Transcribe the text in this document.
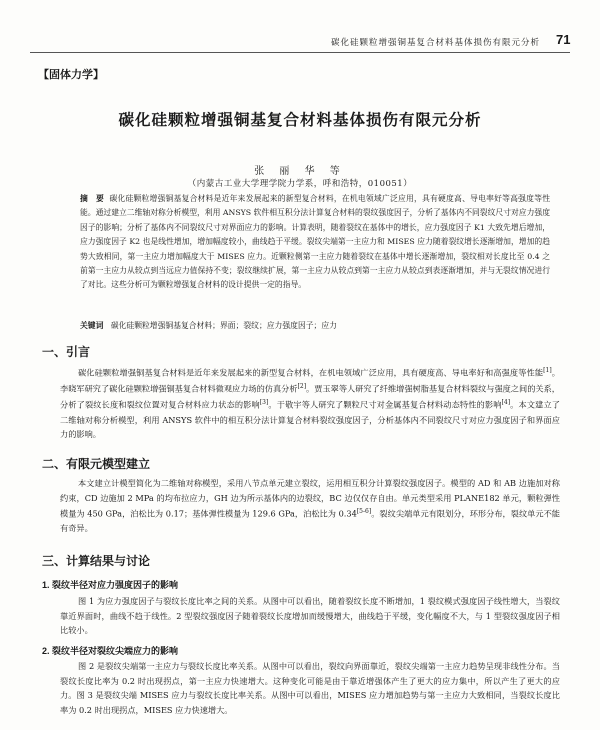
碳化硅颗粒增强铜基复合材料基体损伤有限元分析 71
【固体力学】
碳化硅颗粒增强铜基复合材料基体损伤有限元分析
张 丽 华 等
（内蒙古工业大学理学院力学系，呼和浩特，010051）

摘　要 碳化硅颗粒增强铜基复合材料是近年来发展起来的新型复合材料，在机电领域广泛应用，具有硬度高、导电率好等高强度等性能。通过建立二维轴对称分析模型，利用 ANSYS 软件相互积分法计算复合材料的裂纹强度因子，分析了基体内不同裂纹尺寸对应力强度因子的影响；分析了基体内不同裂纹尺寸对界面应力的影响。计算表明，随着裂纹在基体中的增长，应力强度因子 K1 大致先增后增加，应力强度因子 K2 也是线性增加，增加幅度较小，曲线趋于平缓。裂纹尖端第一主应力和 MISES 应力随着裂纹增长逐渐增加，增加的趋势大致相同，第一主应力增加幅度大于 MISES 应力。近颗粒侧第一主应力随着裂纹在基体中增长逐渐增加，裂纹相对长度比至 0.4 之前第一主应力从较点到当远应力值保持不变；裂纹继续扩展，第一主应力从较点到第一主应力从较点到表逐渐增加，并与无裂纹情况进行了对比。这些分析可为颗粒增强复合材料的设计提供一定的指导。

关键词 碳化硅颗粒增强铜基复合材料；界面；裂纹；应力强度因子；应力

一、引言

碳化硅颗粒增强铜基复合材料是近年来发展起来的新型复合材料，在机电领域广泛应用，具有硬度高、导电率好和高强度等性能[1]。李晓军研究了碳化硅颗粒增强铜基复合材料微观应力场的仿真分析[2]。贾玉翠等人研究了纤维增强树脂基复合材料裂纹与强度之间的关系，分析了裂纹长度和裂纹位置对复合材料应力状态的影响[3]。于敬宇等人研究了颗粒尺寸对金属基复合材料动态特性的影响[4]。本文建立了二维轴对称分析模型，利用 ANSYS 软件中的相互积分法计算复合材料裂纹强度因子，分析基体内不同裂纹尺寸对应力强度因子和界面应力的影响。

二、有限元模型建立

本文建立计模型简化为二维轴对称模型，采用八节点单元建立裂纹，运用相互积分计算裂纹强度因子。模型的 AD 和 AB 边施加对称约束，CD 边施加 2 MPa 的均布拉应力，GH 边为所示基体内的边裂纹，BC 边仅仅存自由。单元类型采用 PLANE182 单元，颗粒弹性模量为 450 GPa，泊松比为 0.17；基体弹性模量为 129.6 GPa，泊松比为 0.34[5-6]。裂纹尖端单元有限划分，环形分布，裂纹单元不能有奇异。

三、计算结果与讨论
1. 裂纹半径对应力强度因子的影响

图 1 为应力强度因子与裂纹长度比率之间的关系。从图中可以看出，随着裂纹长度不断增加，1 裂纹模式强度因子线性增大，当裂纹靠近界面时，曲线不趋于线性。2 型裂纹强度因子随着裂纹长度增加而缓慢增大，曲线趋于平缓，变化幅度不大，与 1 型裂纹强度因子相比较小。

2. 裂纹半径对裂纹尖端应力的影响

图 2 是裂纹尖端第一主应力与裂纹长度比率关系。从图中可以看出，裂纹向界面靠近，裂纹尖端第一主应力趋势呈现非线性分布。当裂纹长度比率为 0.2 时出现拐点，第一主应力快速增大。这种变化可能是由于靠近增强体产生了更大的应力集中，所以产生了更大的应力。图 3 是裂纹尖端 MISES 应力与裂纹长度比率关系。从图中可以看出，MISES 应力增加趋势与第一主应力大致相同，当裂纹长度比率为 0.2 时出现拐点，MISES 应力快速增大。
